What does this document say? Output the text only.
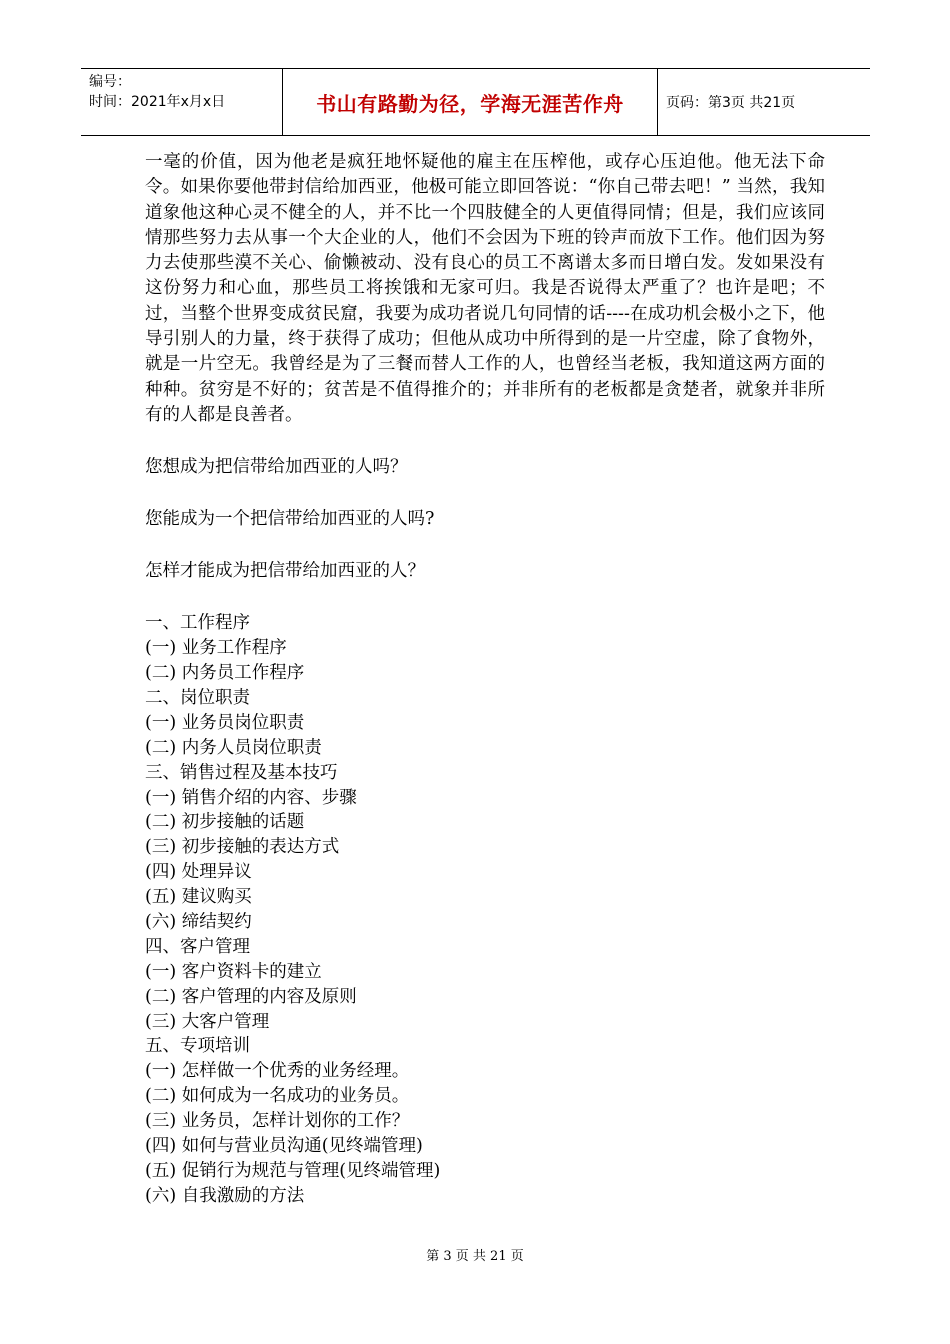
编号：
时间：2021年x月x日	书山有路勤为径，学海无涯苦作舟	页码：第3页 共21页

一毫的价值，因为他老是疯狂地怀疑他的雇主在压榨他，或存心压迫他。他无法下命令。如果你要他带封信给加西亚，他极可能立即回答说：“你自己带去吧！” 当然，我知道象他这种心灵不健全的人，并不比一个四肢健全的人更值得同情；但是，我们应该同情那些努力去从事一个大企业的人，他们不会因为下班的铃声而放下工作。他们因为努力去使那些漠不关心、偷懒被动、没有良心的员工不离谱太多而日增白发。发如果没有这份努力和心血，那些员工将挨饿和无家可归。我是否说得太严重了？也许是吧；不过，当整个世界变成贫民窟，我要为成功者说几句同情的话----在成功机会极小之下，他导引别人的力量，终于获得了成功；但他从成功中所得到的是一片空虚，除了食物外，就是一片空无。我曾经是为了三餐而替人工作的人，也曾经当老板，我知道这两方面的种种。贫穷是不好的；贫苦是不值得推介的；并非所有的老板都是贪楚者，就象并非所有的人都是良善者。

您想成为把信带给加西亚的人吗？

您能成为一个把信带给加西亚的人吗?

怎样才能成为把信带给加西亚的人？

一、工作程序
(一) 业务工作程序
(二) 内务员工作程序
二、岗位职责
(一) 业务员岗位职责
(二) 内务人员岗位职责
三、销售过程及基本技巧
(一) 销售介绍的内容、步骤
(二) 初步接触的话题
(三) 初步接触的表达方式
(四) 处理异议
(五) 建议购买
(六) 缔结契约
四、客户管理
(一) 客户资料卡的建立
(二) 客户管理的内容及原则
(三) 大客户管理
五、专项培训
(一) 怎样做一个优秀的业务经理。
(二) 如何成为一名成功的业务员。
(三) 业务员，怎样计划你的工作？
(四) 如何与营业员沟通(见终端管理)
(五) 促销行为规范与管理(见终端管理)
(六) 自我激励的方法
第 3 页 共 21 页
